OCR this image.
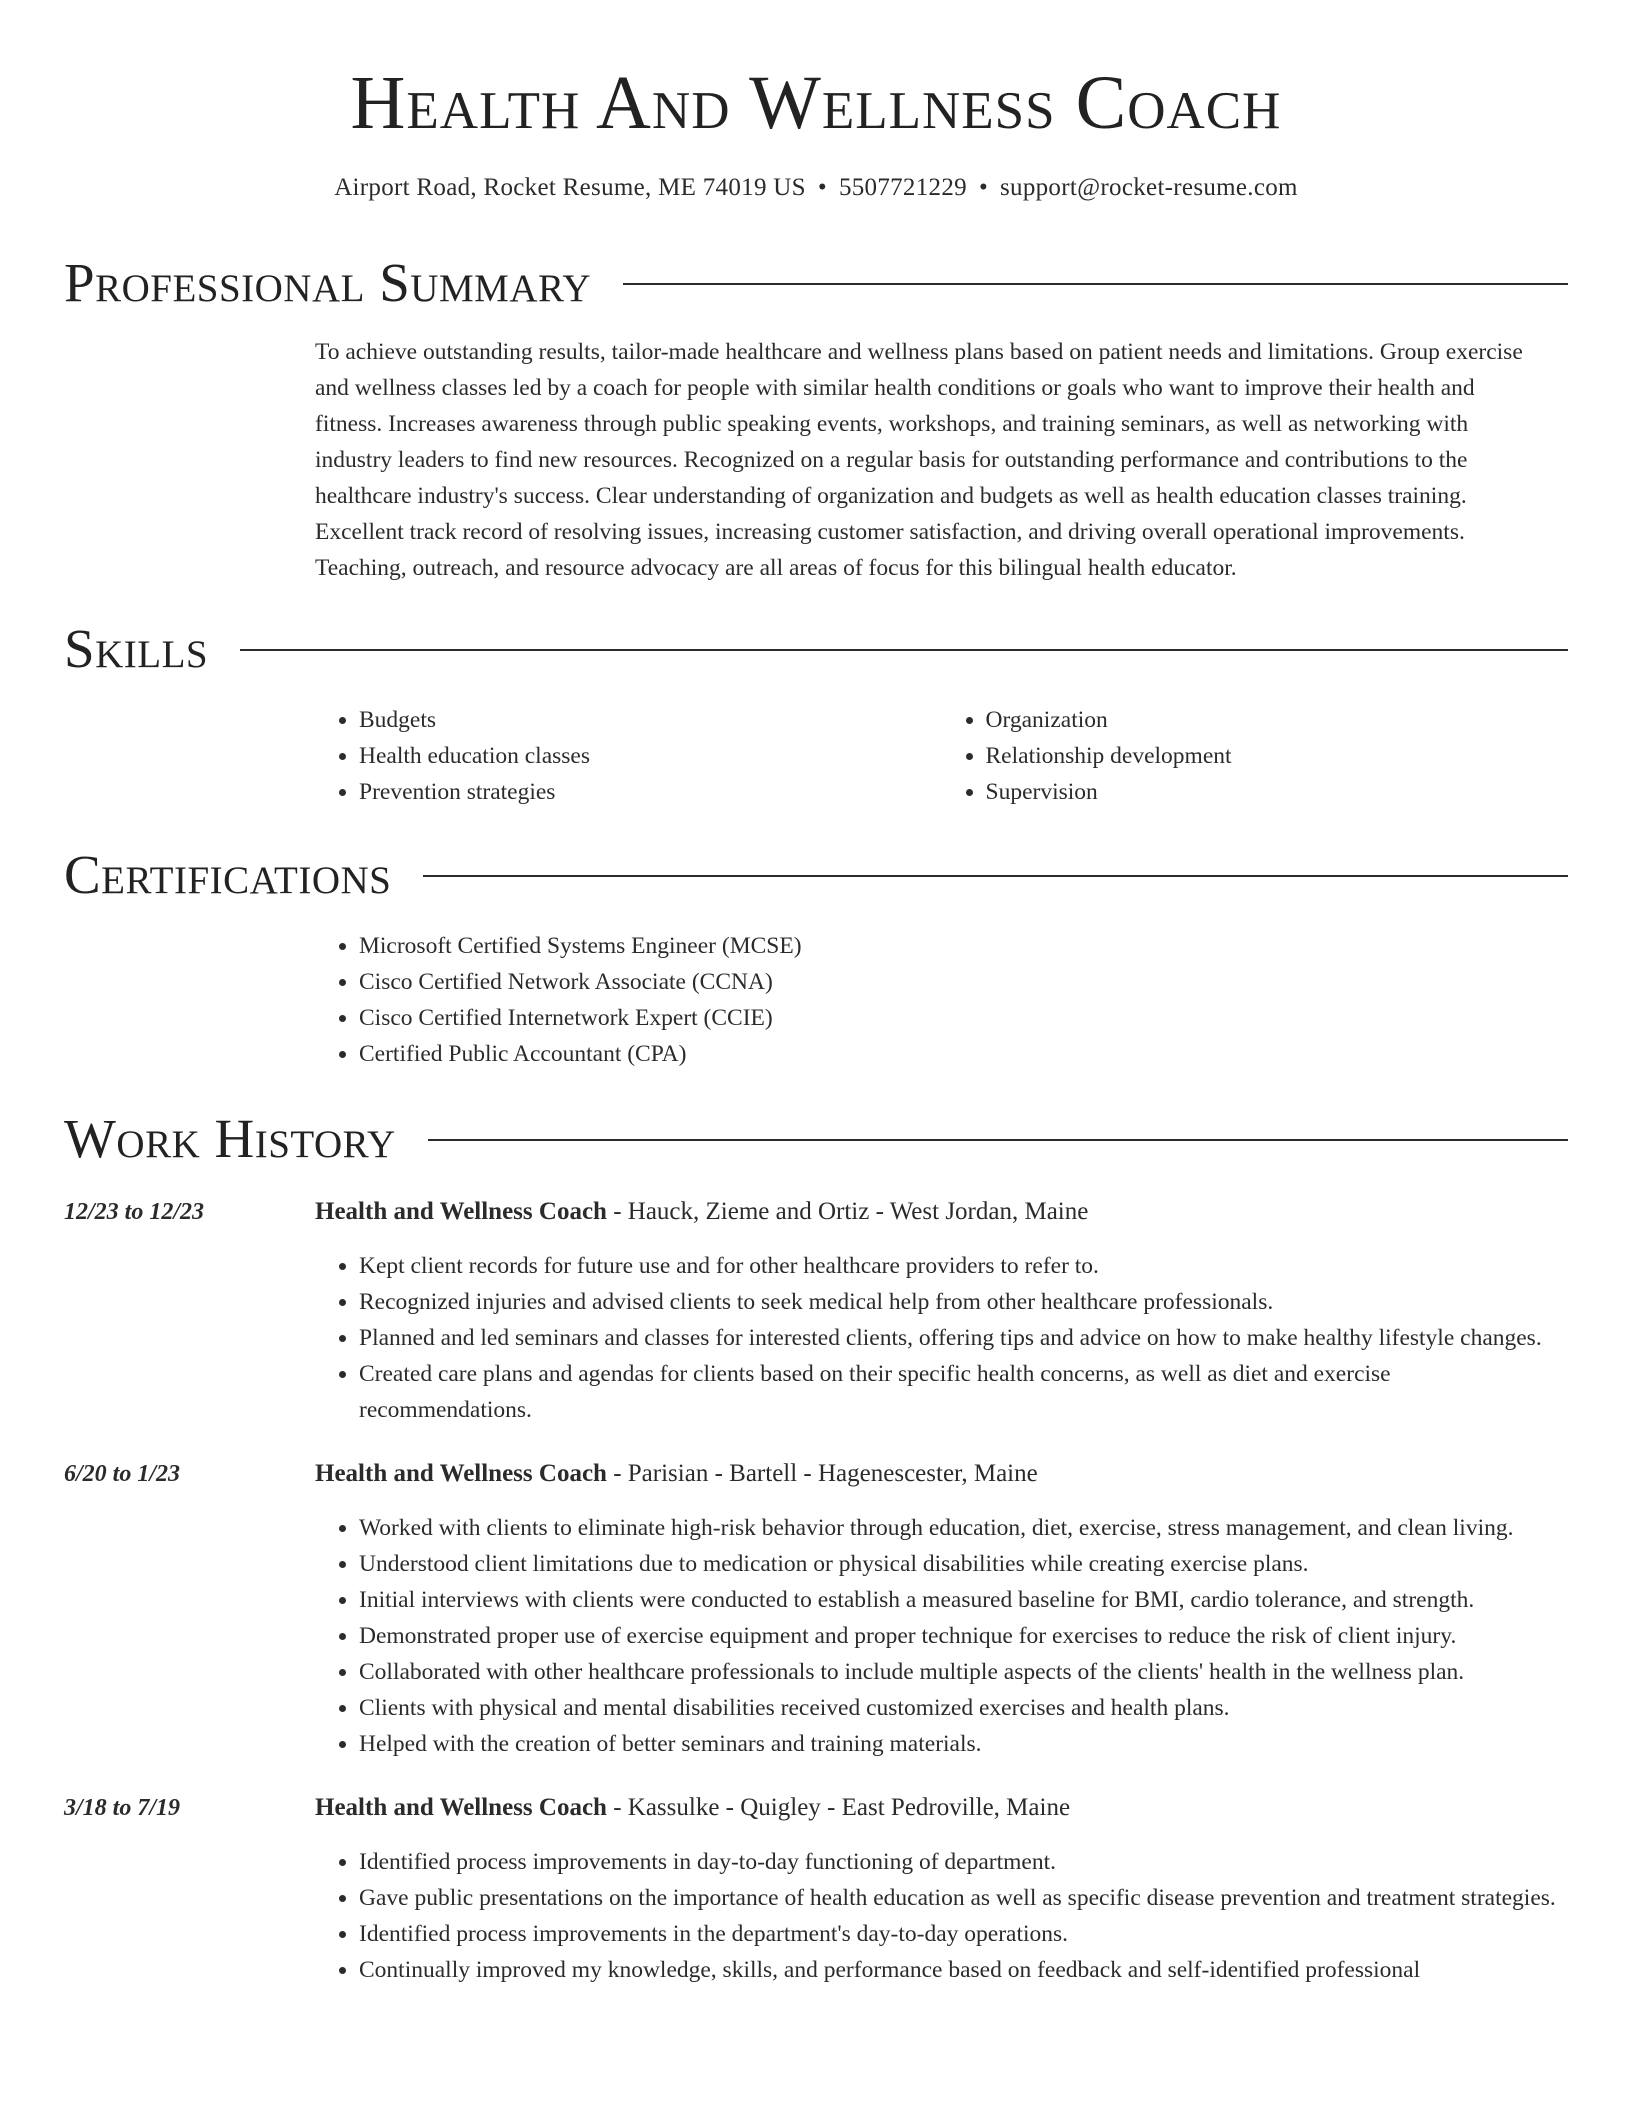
Health And Wellness Coach
Airport Road, Rocket Resume, ME 74019 US • 5507721229 • support@rocket-resume.com
Professional Summary

To achieve outstanding results, tailor-made healthcare and wellness plans based on patient needs and limitations. Group exercise and wellness classes led by a coach for people with similar health conditions or goals who want to improve their health and fitness. Increases awareness through public speaking events, workshops, and training seminars, as well as networking with industry leaders to find new resources. Recognized on a regular basis for outstanding performance and contributions to the healthcare industry's success. Clear understanding of organization and budgets as well as health education classes training. Excellent track record of resolving issues, increasing customer satisfaction, and driving overall operational improvements. Teaching, outreach, and resource advocacy are all areas of focus for this bilingual health educator.

Skills
• Budgets
• Health education classes
• Prevention strategies
• Organization
• Relationship development
• Supervision
Certifications
• Microsoft Certified Systems Engineer (MCSE)
• Cisco Certified Network Associate (CCNA)
• Cisco Certified Internetwork Expert (CCIE)
• Certified Public Accountant (CPA)
Work History
12/23 to 12/23	Health and Wellness Coach - Hauck, Zieme and Ortiz - West Jordan, Maine
• Kept client records for future use and for other healthcare providers to refer to.
• Recognized injuries and advised clients to seek medical help from other healthcare professionals.
• Planned and led seminars and classes for interested clients, offering tips and advice on how to make healthy lifestyle changes.
• Created care plans and agendas for clients based on their specific health concerns, as well as diet and exercise recommendations.
6/20 to 1/23	Health and Wellness Coach - Parisian - Bartell - Hagenescester, Maine
• Worked with clients to eliminate high-risk behavior through education, diet, exercise, stress management, and clean living.
• Understood client limitations due to medication or physical disabilities while creating exercise plans.
• Initial interviews with clients were conducted to establish a measured baseline for BMI, cardio tolerance, and strength.
• Demonstrated proper use of exercise equipment and proper technique for exercises to reduce the risk of client injury.
• Collaborated with other healthcare professionals to include multiple aspects of the clients' health in the wellness plan.
• Clients with physical and mental disabilities received customized exercises and health plans.
• Helped with the creation of better seminars and training materials.
3/18 to 7/19	Health and Wellness Coach - Kassulke - Quigley - East Pedroville, Maine
• Identified process improvements in day-to-day functioning of department.
• Gave public presentations on the importance of health education as well as specific disease prevention and treatment strategies.
• Identified process improvements in the department's day-to-day operations.
• Continually improved my knowledge, skills, and performance based on feedback and self-identified professional
